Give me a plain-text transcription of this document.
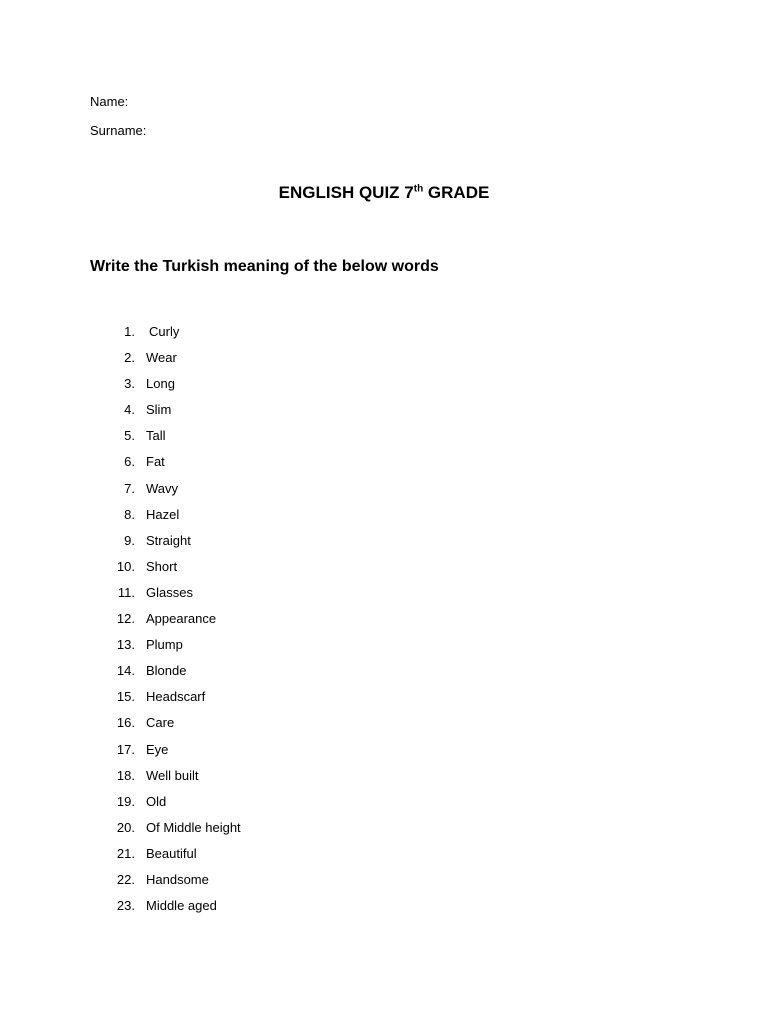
Name:
Surname:
ENGLISH QUIZ 7th GRADE
Write the Turkish meaning of the below words
1. Curly
2. Wear
3. Long
4. Slim
5. Tall
6. Fat
7. Wavy
8. Hazel
9. Straight
10. Short
11. Glasses
12. Appearance
13. Plump
14. Blonde
15. Headscarf
16. Care
17. Eye
18. Well built
19. Old
20. Of Middle height
21. Beautiful
22. Handsome
23. Middle aged
